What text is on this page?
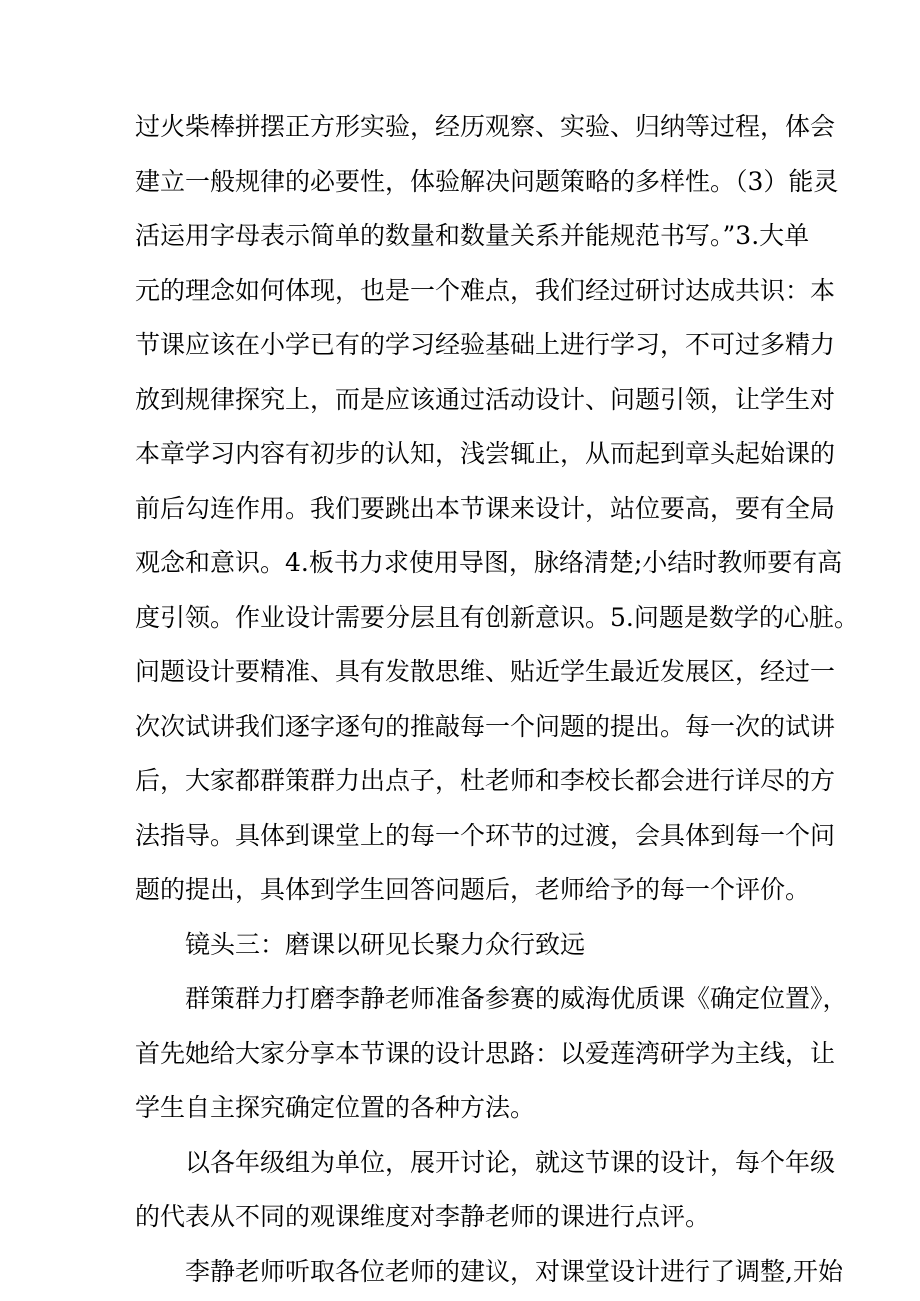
过火柴棒拼摆正方形实验，经历观察、实验、归纳等过程，体会
建立一般规律的必要性，体验解决问题策略的多样性。（3）能灵
活运用字母表示简单的数量和数量关系并能规范书写。”3.大单
元的理念如何体现，也是一个难点，我们经过研讨达成共识：本
节课应该在小学已有的学习经验基础上进行学习，不可过多精力
放到规律探究上，而是应该通过活动设计、问题引领，让学生对
本章学习内容有初步的认知，浅尝辄止，从而起到章头起始课的
前后勾连作用。我们要跳出本节课来设计，站位要高，要有全局
观念和意识。4.板书力求使用导图，脉络清楚;小结时教师要有高
度引领。作业设计需要分层且有创新意识。5.问题是数学的心脏。
问题设计要精准、具有发散思维、贴近学生最近发展区，经过一
次次试讲我们逐字逐句的推敲每一个问题的提出。每一次的试讲
后，大家都群策群力出点子，杜老师和李校长都会进行详尽的方
法指导。具体到课堂上的每一个环节的过渡，会具体到每一个问
题的提出，具体到学生回答问题后，老师给予的每一个评价。
镜头三：磨课以研见长聚力众行致远
群策群力打磨李静老师准备参赛的威海优质课《确定位置》，
首先她给大家分享本节课的设计思路：以爱莲湾研学为主线，让
学生自主探究确定位置的各种方法。
以各年级组为单位，展开讨论，就这节课的设计，每个年级
的代表从不同的观课维度对李静老师的课进行点评。
李静老师听取各位老师的建议，对课堂设计进行了调整,开始
